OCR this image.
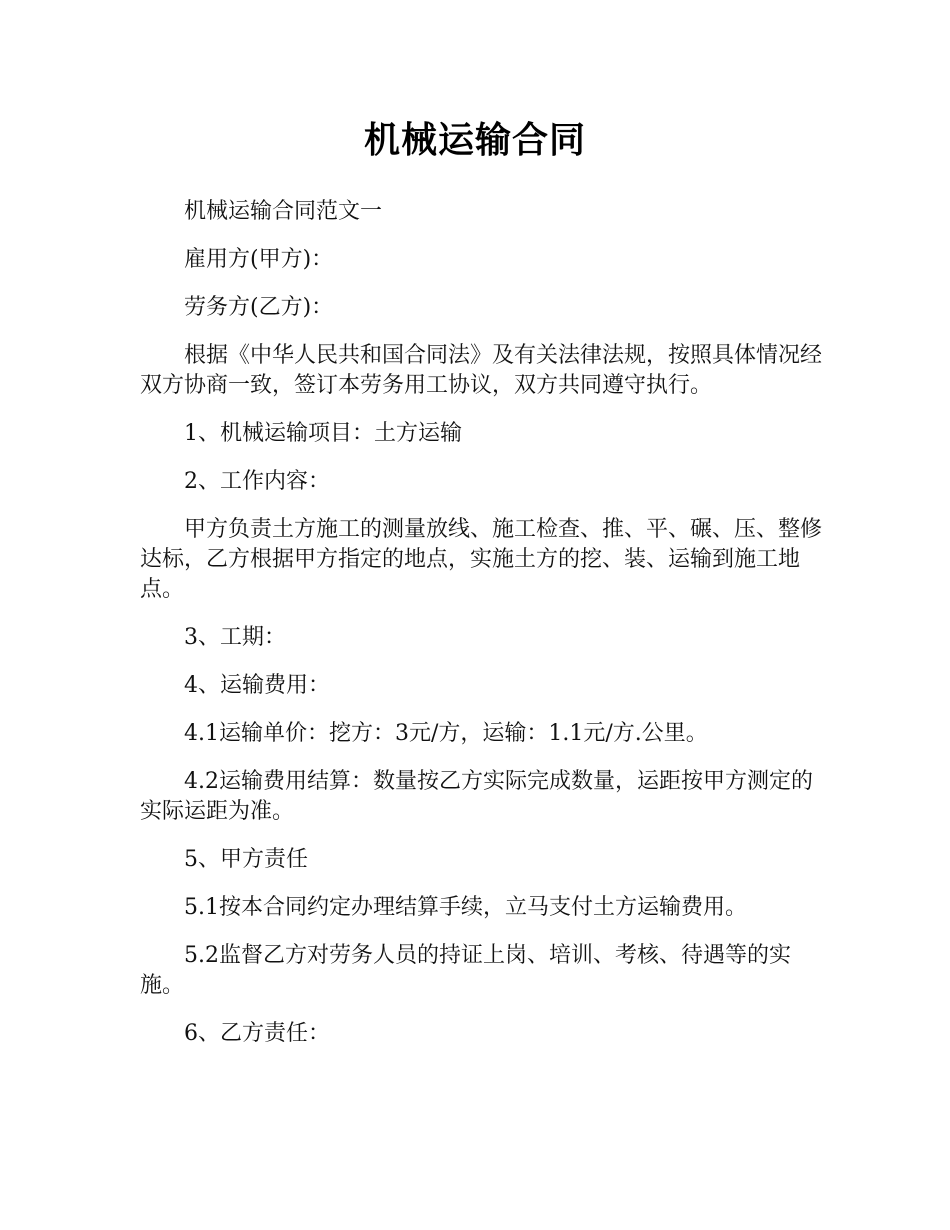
机械运输合同

机械运输合同范文一

雇用方(甲方)：

劳务方(乙方)：

根据《中华人民共和国合同法》及有关法律法规，按照具体情况经双方协商一致，签订本劳务用工协议，双方共同遵守执行。

1、机械运输项目：土方运输

2、工作内容：

甲方负责土方施工的测量放线、施工检查、推、平、碾、压、整修达标，乙方根据甲方指定的地点，实施土方的挖、装、运输到施工地点。

3、工期：

4、运输费用：

4.1运输单价：挖方：3元/方，运输：1.1元/方.公里。

4.2运输费用结算：数量按乙方实际完成数量，运距按甲方测定的实际运距为准。

5、甲方责任

5.1按本合同约定办理结算手续，立马支付土方运输费用。

5.2监督乙方对劳务人员的持证上岗、培训、考核、待遇等的实施。

6、乙方责任：
